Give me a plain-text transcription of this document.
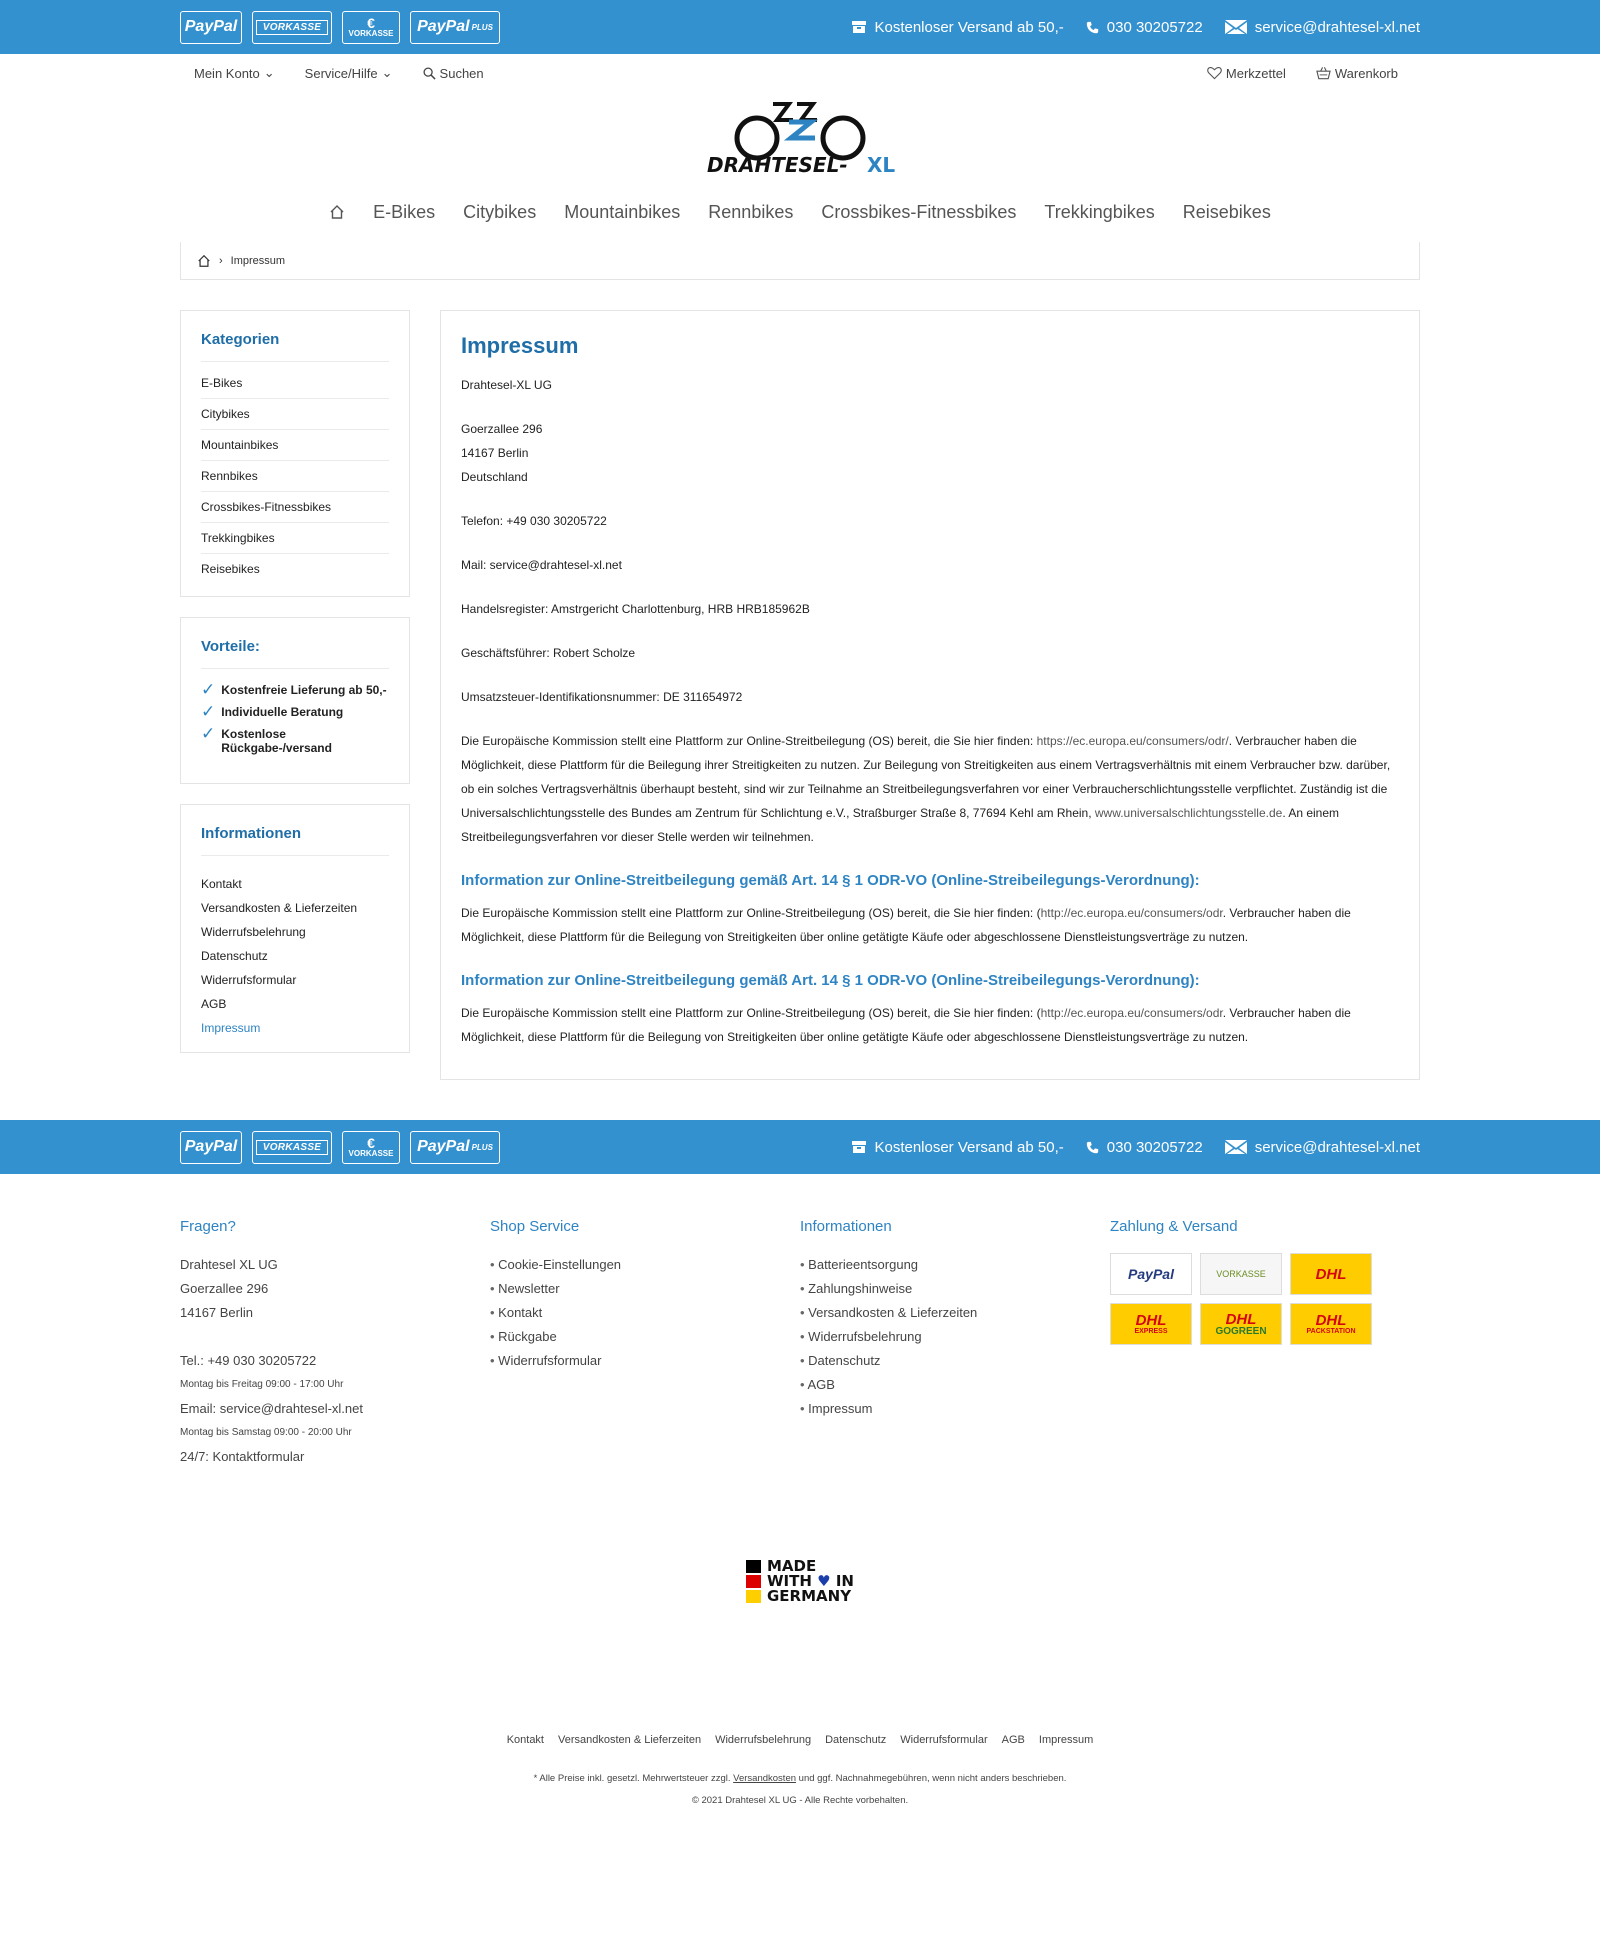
PayPal	VORKASSE	€
VORKASSE PayPal PLUS	Kostenloser Versand ab 50,-	030 30205722	service@drahtesel-xl.net
Mein Konto ⌄ Service/Hilfe ⌄	Suchen	Merkzettel	Warenkorb
DRAHTESEL- XL
E-Bikes Citybikes Mountainbikes Rennbikes Crossbikes-Fitnessbikes Trekkingbikes Reisebikes
› Impressum
Kategorien
E-Bikes
Citybikes
Mountainbikes
Rennbikes
Crossbikes-Fitnessbikes
Trekkingbikes
Reisebikes
Vorteile:
✓ Kostenfreie Lieferung ab 50,-
✓ Individuelle Beratung
✓ Kostenlose Rückgabe-/versand
Informationen
Kontakt
Versandkosten & Lieferzeiten
Widerrufsbelehrung
Datenschutz
Widerrufsformular
AGB
Impressum
Impressum

Drahtesel-XL UG

Goerzallee 296
14167 Berlin
Deutschland

Telefon: +49 030 30205722

Mail: service@drahtesel-xl.net

Handelsregister: Amstrgericht Charlottenburg, HRB HRB185962B

Geschäftsführer: Robert Scholze

Umsatzsteuer-Identifikationsnummer: DE 311654972

Die Europäische Kommission stellt eine Plattform zur Online-Streitbeilegung (OS) bereit, die Sie hier finden: https://ec.europa.eu/consumers/odr/. Verbraucher haben die Möglichkeit, diese Plattform für die Beilegung ihrer Streitigkeiten zu nutzen. Zur Beilegung von Streitigkeiten aus einem Vertragsverhältnis mit einem Verbraucher bzw. darüber, ob ein solches Vertragsverhältnis überhaupt besteht, sind wir zur Teilnahme an Streitbeilegungsverfahren vor einer Verbraucherschlichtungsstelle verpflichtet. Zuständig ist die Universalschlichtungsstelle des Bundes am Zentrum für Schlichtung e.V., Straßburger Straße 8, 77694 Kehl am Rhein, www.universalschlichtungsstelle.de. An einem Streitbeilegungsverfahren vor dieser Stelle werden wir teilnehmen.

Information zur Online-Streitbeilegung gemäß Art. 14 § 1 ODR-VO (Online-Streibeilegungs-Verordnung):

Die Europäische Kommission stellt eine Plattform zur Online-Streitbeilegung (OS) bereit, die Sie hier finden: (http://ec.europa.eu/consumers/odr. Verbraucher haben die Möglichkeit, diese Plattform für die Beilegung von Streitigkeiten über online getätigte Käufe oder abgeschlossene Dienstleistungsverträge zu nutzen.

Information zur Online-Streitbeilegung gemäß Art. 14 § 1 ODR-VO (Online-Streibeilegungs-Verordnung):

Die Europäische Kommission stellt eine Plattform zur Online-Streitbeilegung (OS) bereit, die Sie hier finden: (http://ec.europa.eu/consumers/odr. Verbraucher haben die Möglichkeit, diese Plattform für die Beilegung von Streitigkeiten über online getätigte Käufe oder abgeschlossene Dienstleistungsverträge zu nutzen.

PayPal	VORKASSE	€
VORKASSE PayPal PLUS	Kostenloser Versand ab 50,-	030 30205722	service@drahtesel-xl.net
Fragen?
Drahtesel XL UG
Goerzallee 296
14167 Berlin
Tel.: +49 030 30205722
Montag bis Freitag 09:00 - 17:00 Uhr
Email: service@drahtesel-xl.net
Montag bis Samstag 09:00 - 20:00 Uhr
24/7: Kontaktformular
Shop Service
• Cookie-Einstellungen
• Newsletter
• Kontakt
• Rückgabe
• Widerrufsformular
Informationen
• Batterieentsorgung
• Zahlungshinweise
• Versandkosten & Lieferzeiten
• Widerrufsbelehrung
• Datenschutz
• AGB
• Impressum
Zahlung & Versand
PayPal	VORKASSE	DHL
DHL
EXPRESS
DHL
GOGREEN
DHL
PACKSTATION
MADE
WITH ♥ IN
GERMANY
Kontakt Versandkosten & Lieferzeiten Widerrufsbelehrung Datenschutz Widerrufsformular AGB Impressum
* Alle Preise inkl. gesetzl. Mehrwertsteuer zzgl. Versandkosten und ggf. Nachnahmegebühren, wenn nicht anders beschrieben.
© 2021 Drahtesel XL UG - Alle Rechte vorbehalten.
